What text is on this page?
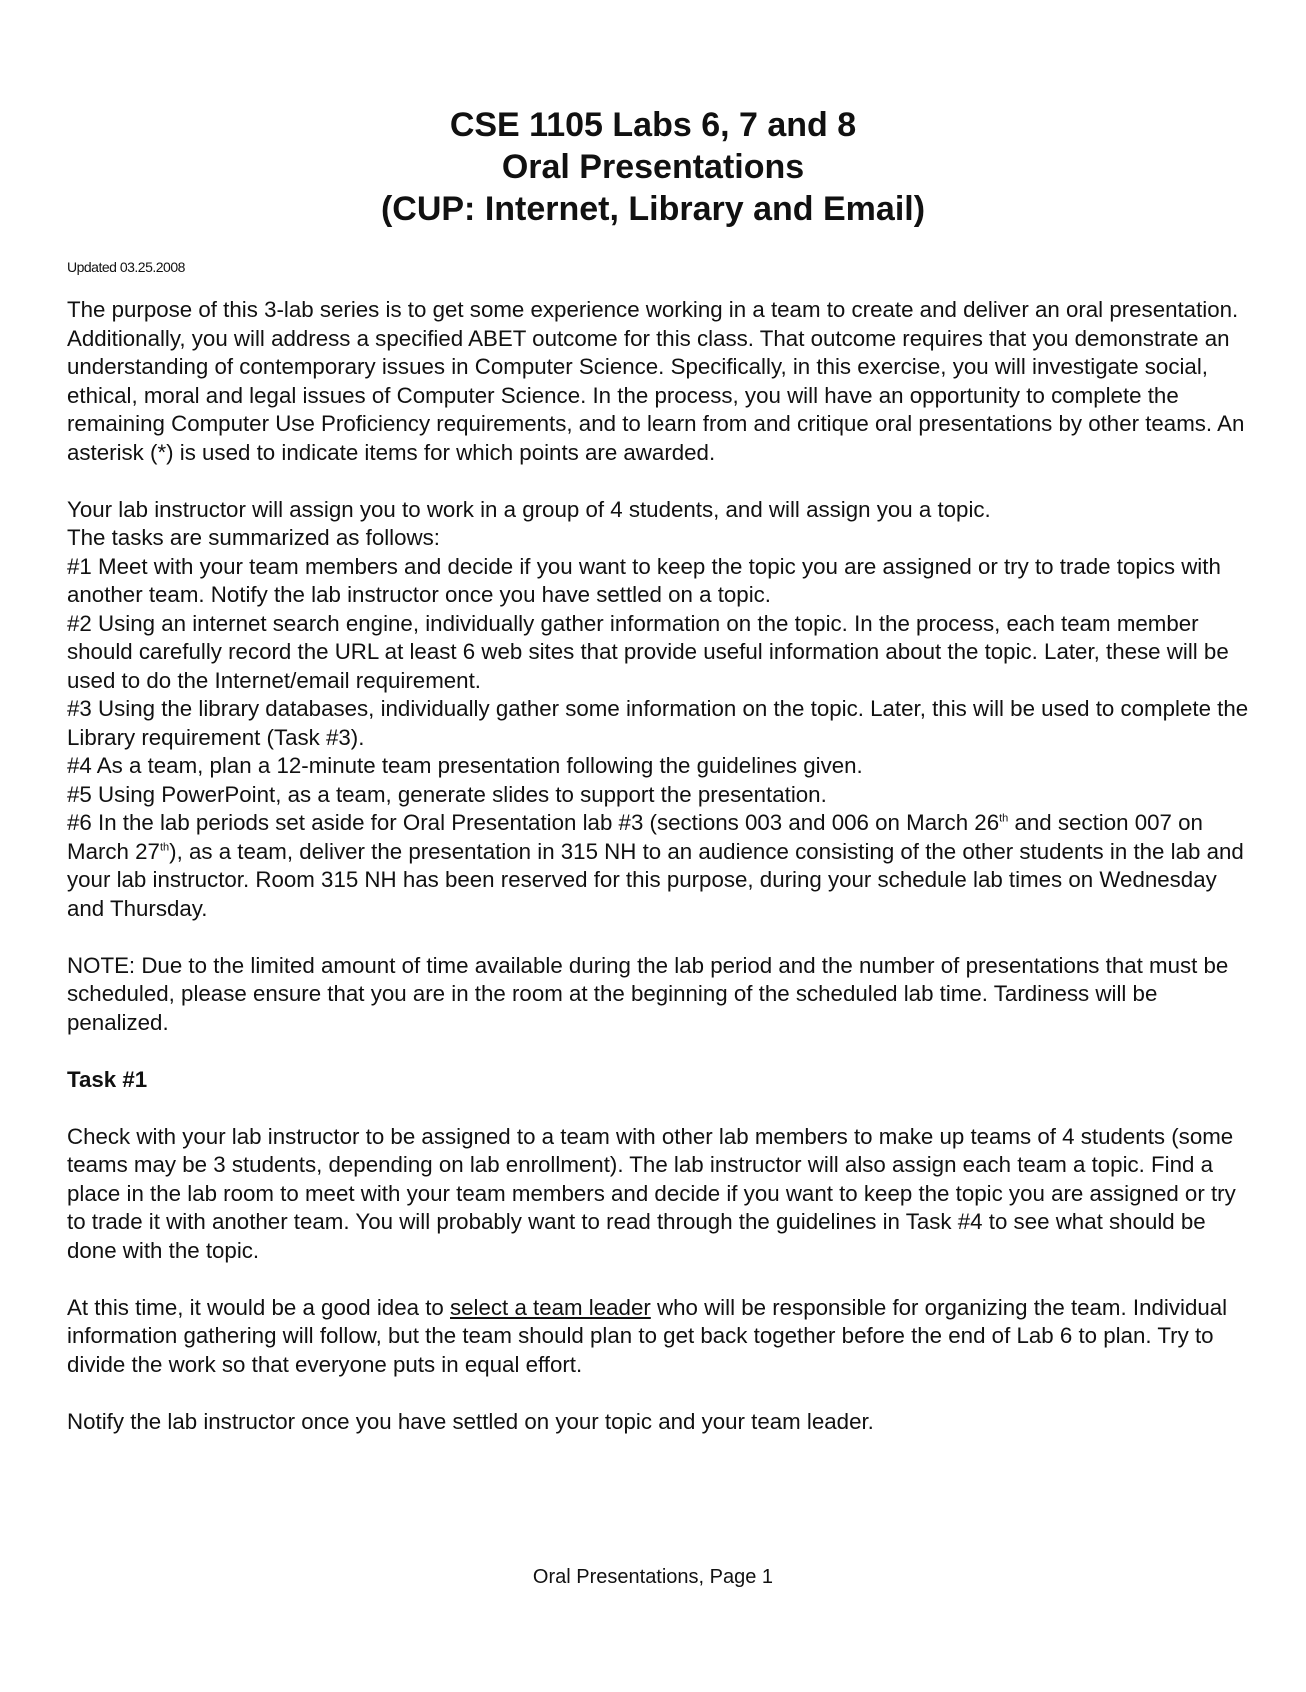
CSE 1105 Labs 6, 7 and 8
Oral Presentations
(CUP: Internet, Library and Email)
Updated 03.25.2008

The purpose of this 3-lab series is to get some experience working in a team to create and deliver an oral presentation. Additionally, you will address a specified ABET outcome for this class. That outcome requires that you demonstrate an understanding of contemporary issues in Computer Science. Specifically, in this exercise, you will investigate social, ethical, moral and legal issues of Computer Science. In the process, you will have an opportunity to complete the remaining Computer Use Proficiency requirements, and to learn from and critique oral presentations by other teams. An asterisk (*) is used to indicate items for which points are awarded.

Your lab instructor will assign you to work in a group of 4 students, and will assign you a topic.

The tasks are summarized as follows:

#1 Meet with your team members and decide if you want to keep the topic you are assigned or try to trade topics with another team. Notify the lab instructor once you have settled on a topic.

#2 Using an internet search engine, individually gather information on the topic. In the process, each team member should carefully record the URL at least 6 web sites that provide useful information about the topic. Later, these will be used to do the Internet/email requirement.

#3 Using the library databases, individually gather some information on the topic. Later, this will be used to complete the Library requirement (Task #3).

#4 As a team, plan a 12-minute team presentation following the guidelines given.

#5 Using PowerPoint, as a team, generate slides to support the presentation.

#6 In the lab periods set aside for Oral Presentation lab #3 (sections 003 and 006 on March 26th and section 007 on March 27th), as a team, deliver the presentation in 315 NH to an audience consisting of the other students in the lab and your lab instructor. Room 315 NH has been reserved for this purpose, during your schedule lab times on Wednesday and Thursday.

NOTE: Due to the limited amount of time available during the lab period and the number of presentations that must be scheduled, please ensure that you are in the room at the beginning of the scheduled lab time. Tardiness will be penalized.

Task #1

Check with your lab instructor to be assigned to a team with other lab members to make up teams of 4 students (some teams may be 3 students, depending on lab enrollment). The lab instructor will also assign each team a topic. Find a place in the lab room to meet with your team members and decide if you want to keep the topic you are assigned or try to trade it with another team. You will probably want to read through the guidelines in Task #4 to see what should be done with the topic.

At this time, it would be a good idea to select a team leader who will be responsible for organizing the team. Individual information gathering will follow, but the team should plan to get back together before the end of Lab 6 to plan. Try to divide the work so that everyone puts in equal effort.

Notify the lab instructor once you have settled on your topic and your team leader.

Oral Presentations, Page 1
